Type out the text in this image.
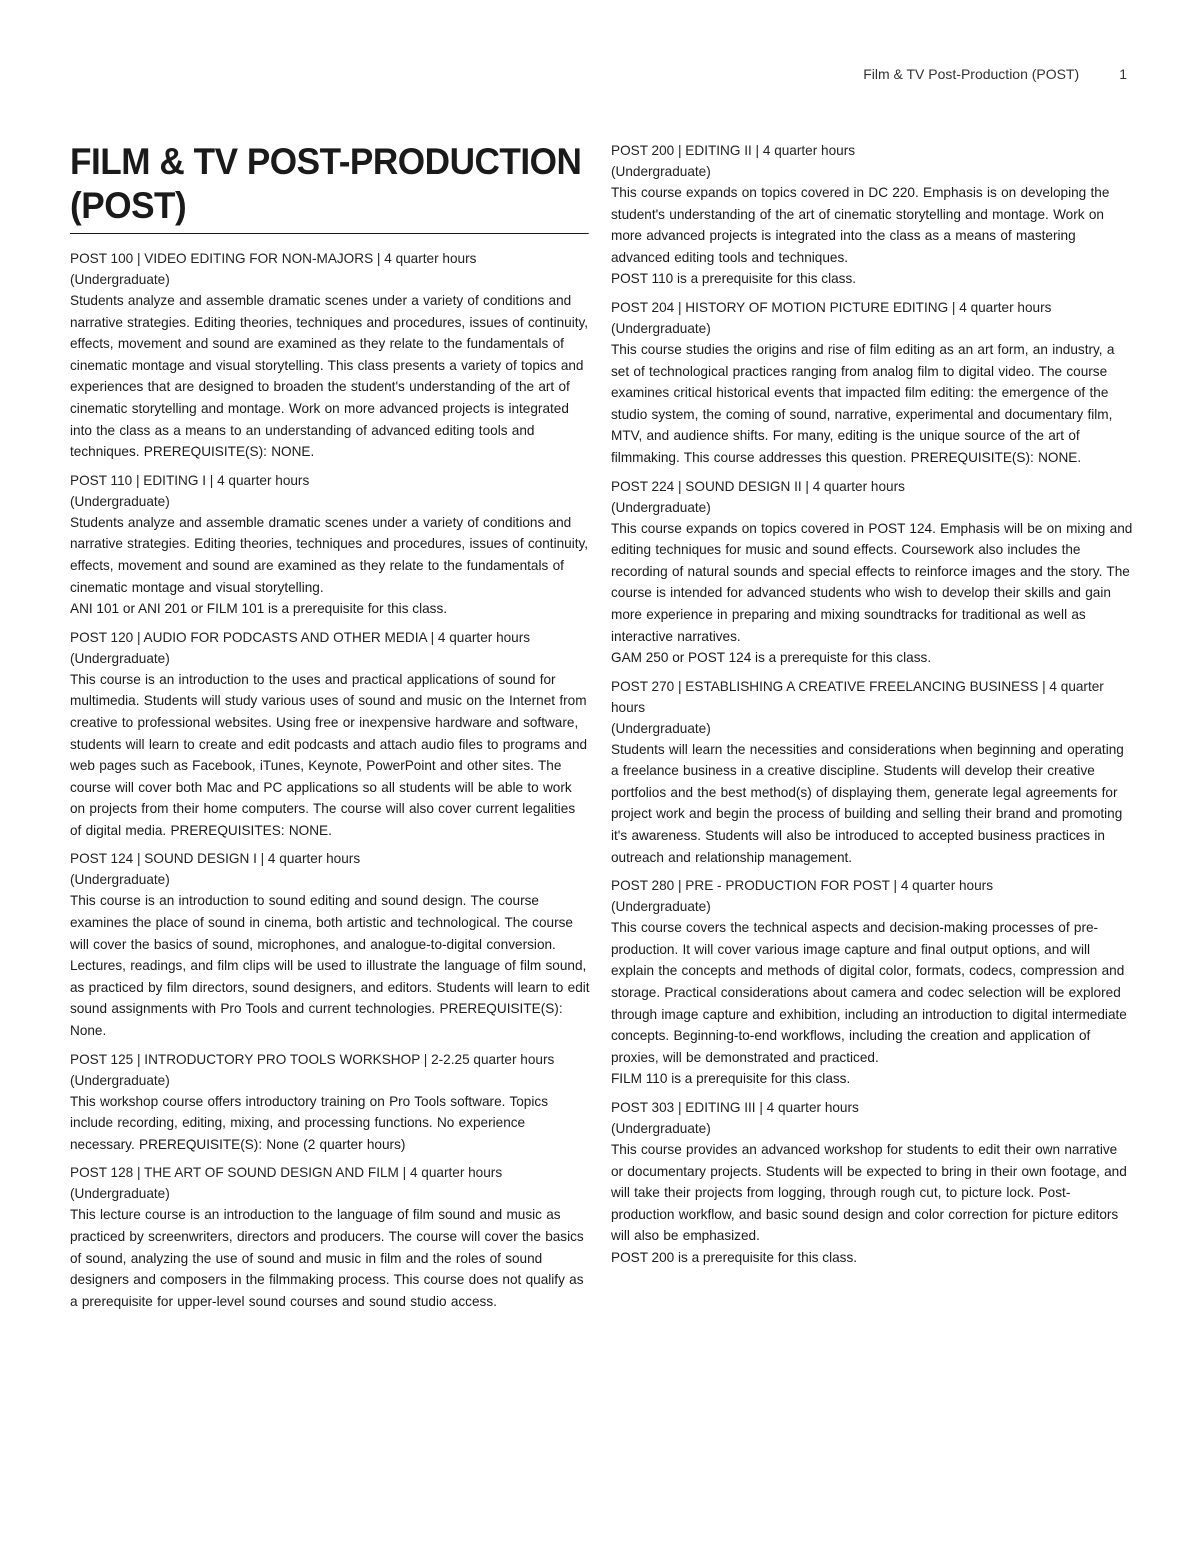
Film & TV Post-Production (POST)	1
FILM & TV POST-PRODUCTION (POST)
POST 100 | VIDEO EDITING FOR NON-MAJORS | 4 quarter hours
(Undergraduate)

Students analyze and assemble dramatic scenes under a variety of conditions and narrative strategies. Editing theories, techniques and procedures, issues of continuity, effects, movement and sound are examined as they relate to the fundamentals of cinematic montage and visual storytelling. This class presents a variety of topics and experiences that are designed to broaden the student's understanding of the art of cinematic storytelling and montage. Work on more advanced projects is integrated into the class as a means to an understanding of advanced editing tools and techniques. PREREQUISITE(S): NONE.

POST 110 | EDITING I | 4 quarter hours
(Undergraduate)

Students analyze and assemble dramatic scenes under a variety of conditions and narrative strategies. Editing theories, techniques and procedures, issues of continuity, effects, movement and sound are examined as they relate to the fundamentals of cinematic montage and visual storytelling.

ANI 101 or ANI 201 or FILM 101 is a prerequisite for this class.

POST 120 | AUDIO FOR PODCASTS AND OTHER MEDIA | 4 quarter hours
(Undergraduate)

This course is an introduction to the uses and practical applications of sound for multimedia. Students will study various uses of sound and music on the Internet from creative to professional websites. Using free or inexpensive hardware and software, students will learn to create and edit podcasts and attach audio files to programs and web pages such as Facebook, iTunes, Keynote, PowerPoint and other sites. The course will cover both Mac and PC applications so all students will be able to work on projects from their home computers. The course will also cover current legalities of digital media. PREREQUISITES: NONE.

POST 124 | SOUND DESIGN I | 4 quarter hours
(Undergraduate)

This course is an introduction to sound editing and sound design. The course examines the place of sound in cinema, both artistic and technological. The course will cover the basics of sound, microphones, and analogue-to-digital conversion. Lectures, readings, and film clips will be used to illustrate the language of film sound, as practiced by film directors, sound designers, and editors. Students will learn to edit sound assignments with Pro Tools and current technologies. PREREQUISITE(S): None.

POST 125 | INTRODUCTORY PRO TOOLS WORKSHOP | 2-2.25 quarter hours
(Undergraduate)

This workshop course offers introductory training on Pro Tools software. Topics include recording, editing, mixing, and processing functions. No experience necessary. PREREQUISITE(S): None (2 quarter hours)

POST 128 | THE ART OF SOUND DESIGN AND FILM | 4 quarter hours
(Undergraduate)

This lecture course is an introduction to the language of film sound and music as practiced by screenwriters, directors and producers. The course will cover the basics of sound, analyzing the use of sound and music in film and the roles of sound designers and composers in the filmmaking process. This course does not qualify as a prerequisite for upper-level sound courses and sound studio access.

POST 200 | EDITING II | 4 quarter hours
(Undergraduate)

This course expands on topics covered in DC 220. Emphasis is on developing the student's understanding of the art of cinematic storytelling and montage. Work on more advanced projects is integrated into the class as a means of mastering advanced editing tools and techniques.

POST 110 is a prerequisite for this class.

POST 204 | HISTORY OF MOTION PICTURE EDITING | 4 quarter hours
(Undergraduate)

This course studies the origins and rise of film editing as an art form, an industry, a set of technological practices ranging from analog film to digital video. The course examines critical historical events that impacted film editing: the emergence of the studio system, the coming of sound, narrative, experimental and documentary film, MTV, and audience shifts. For many, editing is the unique source of the art of filmmaking. This course addresses this question. PREREQUISITE(S): NONE.

POST 224 | SOUND DESIGN II | 4 quarter hours
(Undergraduate)

This course expands on topics covered in POST 124. Emphasis will be on mixing and editing techniques for music and sound effects. Coursework also includes the recording of natural sounds and special effects to reinforce images and the story. The course is intended for advanced students who wish to develop their skills and gain more experience in preparing and mixing soundtracks for traditional as well as interactive narratives.

GAM 250 or POST 124 is a prerequiste for this class.

POST 270 | ESTABLISHING A CREATIVE FREELANCING BUSINESS | 4 quarter hours
(Undergraduate)

Students will learn the necessities and considerations when beginning and operating a freelance business in a creative discipline. Students will develop their creative portfolios and the best method(s) of displaying them, generate legal agreements for project work and begin the process of building and selling their brand and promoting it's awareness. Students will also be introduced to accepted business practices in outreach and relationship management.

POST 280 | PRE - PRODUCTION FOR POST | 4 quarter hours
(Undergraduate)

This course covers the technical aspects and decision-making processes of pre-production. It will cover various image capture and final output options, and will explain the concepts and methods of digital color, formats, codecs, compression and storage. Practical considerations about camera and codec selection will be explored through image capture and exhibition, including an introduction to digital intermediate concepts. Beginning-to-end workflows, including the creation and application of proxies, will be demonstrated and practiced.

FILM 110 is a prerequisite for this class.

POST 303 | EDITING III | 4 quarter hours
(Undergraduate)

This course provides an advanced workshop for students to edit their own narrative or documentary projects. Students will be expected to bring in their own footage, and will take their projects from logging, through rough cut, to picture lock. Post-production workflow, and basic sound design and color correction for picture editors will also be emphasized.

POST 200 is a prerequisite for this class.
